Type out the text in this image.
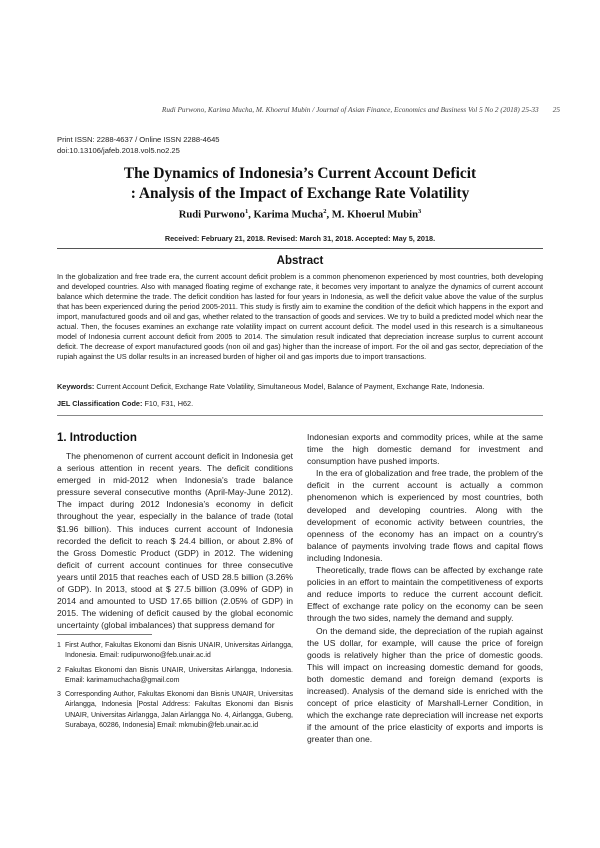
Rudi Purwono, Karima Mucha, M. Khoerul Mubin / Journal of Asian Finance, Economics and Business Vol 5 No 2 (2018) 25-33 25
Print ISSN: 2288-4637 / Online ISSN 2288-4645
doi:10.13106/jafeb.2018.vol5.no2.25
The Dynamics of Indonesia’s Current Account Deficit
: Analysis of the Impact of Exchange Rate Volatility
Rudi Purwono$^1$, Karima Mucha$^2$, M. Khoerul Mubin$^3$
Received: February 21, 2018. Revised: March 31, 2018. Accepted: May 5, 2018.
Abstract
In the globalization and free trade era, the current account deficit problem is a common phenomenon experienced by most countries, both developing and developed countries. Also with managed floating regime of exchange rate, it becomes very important to analyze the dynamics of current account balance which determine the trade. The deficit condition has lasted for four years in Indonesia, as well the deficit value above the value of the surplus that has been experienced during the period 2005-2011. This study is firstly aim to examine the condition of the deficit which happens in the export and import, manufactured goods and oil and gas, whether related to the transaction of goods and services. We try to build a predicted model which near the actual. Then, the focuses examines an exchange rate volatility impact on current account deficit. The model used in this research is a simultaneous model of Indonesia current account deficit from 2005 to 2014. The simulation result indicated that depreciation increase surplus to current account deficit. The decrease of export manufactured goods (non oil and gas) higher than the increase of import. For the oil and gas sector, depreciation of the rupiah against the US dollar results in an increased burden of higher oil and gas imports due to import transactions.
Keywords: Current Account Deficit, Exchange Rate Volatility, Simultaneous Model, Balance of Payment, Exchange Rate, Indonesia.
JEL Classification Code: F10, F31, H62.
1. Introduction

The phenomenon of current account deficit in Indonesia get a serious attention in recent years. The deficit conditions emerged in mid-2012 when Indonesia's trade balance pressure several consecutive months (April-May-June 2012). The impact during 2012 Indonesia’s economy in deficit throughout the year, especially in the balance of trade (total $1.96 billion). This induces current account of Indonesia recorded the deficit to reach $ 24.4 billion, or about 2.8% of the Gross Domestic Product (GDP) in 2012. The widening deficit of current account continues for three consecutive years until 2015 that reaches each of USD 28.5 billion (3.26% of GDP). In 2013, stood at $ 27.5 billion (3.09% of GDP) in 2014 and amounted to USD 17.65 billion (2.05% of GDP) in 2015. The widening of deficit caused by the global economic uncertainty (global imbalances) that suppress demand for

1 First Author, Fakultas Ekonomi dan Bisnis UNAIR, Universitas Airlangga, Indonesia. Email: rudipurwono@feb.unair.ac.id
2 Fakultas Ekonomi dan Bisnis UNAIR, Universitas Airlangga, Indonesia. Email: karimamuchacha@gmail.com
3 Corresponding Author, Fakultas Ekonomi dan Bisnis UNAIR, Universitas Airlangga, Indonesia [Postal Address: Fakultas Ekonomi dan Bisnis UNAIR, Universitas Airlangga, Jalan Airlangga No. 4, Airlangga, Gubeng, Surabaya, 60286, Indonesia] Email: mkmubin@feb.unair.ac.id

Indonesian exports and commodity prices, while at the same time the high domestic demand for investment and consumption have pushed imports.

In the era of globalization and free trade, the problem of the deficit in the current account is actually a common phenomenon which is experienced by most countries, both developed and developing countries. Along with the development of economic activity between countries, the openness of the economy has an impact on a country's balance of payments involving trade flows and capital flows including Indonesia.

Theoretically, trade flows can be affected by exchange rate policies in an effort to maintain the competitiveness of exports and reduce imports to reduce the current account deficit. Effect of exchange rate policy on the economy can be seen through the two sides, namely the demand and supply.

On the demand side, the depreciation of the rupiah against the US dollar, for example, will cause the price of foreign goods is relatively higher than the price of domestic goods. This will impact on increasing domestic demand for goods, both domestic demand and foreign demand (exports is increased). Analysis of the demand side is enriched with the concept of price elasticity of Marshall-Lerner Condition, in which the exchange rate depreciation will increase net exports if the amount of the price elasticity of exports and imports is greater than one.
